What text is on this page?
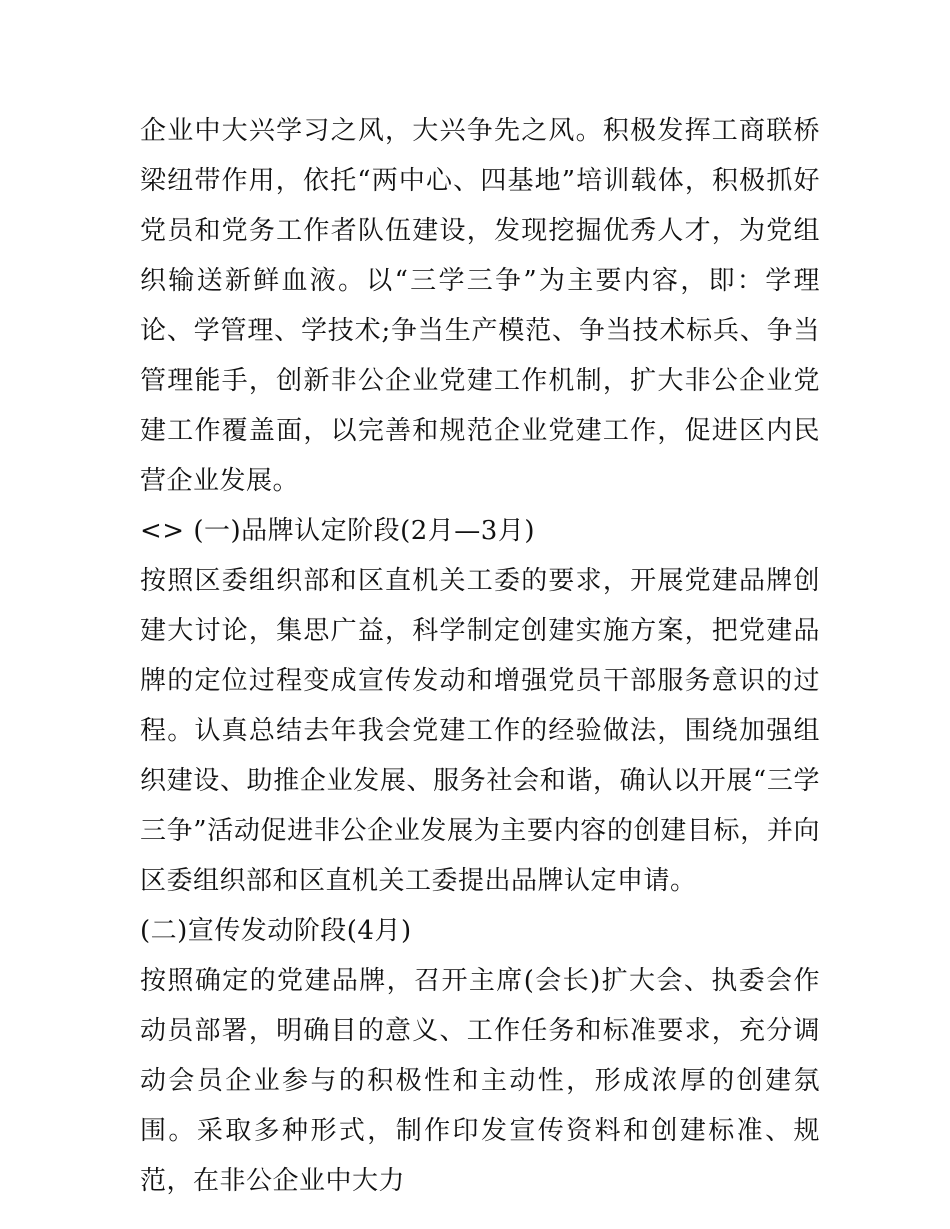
企业中大兴学习之风，大兴争先之风。积极发挥工商联桥梁纽带作用，依托“两中心、四基地”培训载体，积极抓好党员和党务工作者队伍建设，发现挖掘优秀人才，为党组织输送新鲜血液。以“三学三争”为主要内容，即：学理论、学管理、学技术;争当生产模范、争当技术标兵、争当管理能手，创新非公企业党建工作机制，扩大非公企业党建工作覆盖面，以完善和规范企业党建工作，促进区内民营企业发展。

<> (一)品牌认定阶段(2月—3月)

按照区委组织部和区直机关工委的要求，开展党建品牌创建大讨论，集思广益，科学制定创建实施方案，把党建品牌的定位过程变成宣传发动和增强党员干部服务意识的过程。认真总结去年我会党建工作的经验做法，围绕加强组织建设、助推企业发展、服务社会和谐，确认以开展“三学三争”活动促进非公企业发展为主要内容的创建目标，并向区委组织部和区直机关工委提出品牌认定申请。

(二)宣传发动阶段(4月)

按照确定的党建品牌，召开主席(会长)扩大会、执委会作动员部署，明确目的意义、工作任务和标准要求，充分调动会员企业参与的积极性和主动性，形成浓厚的创建氛围。采取多种形式，制作印发宣传资料和创建标准、规范，在非公企业中大力
